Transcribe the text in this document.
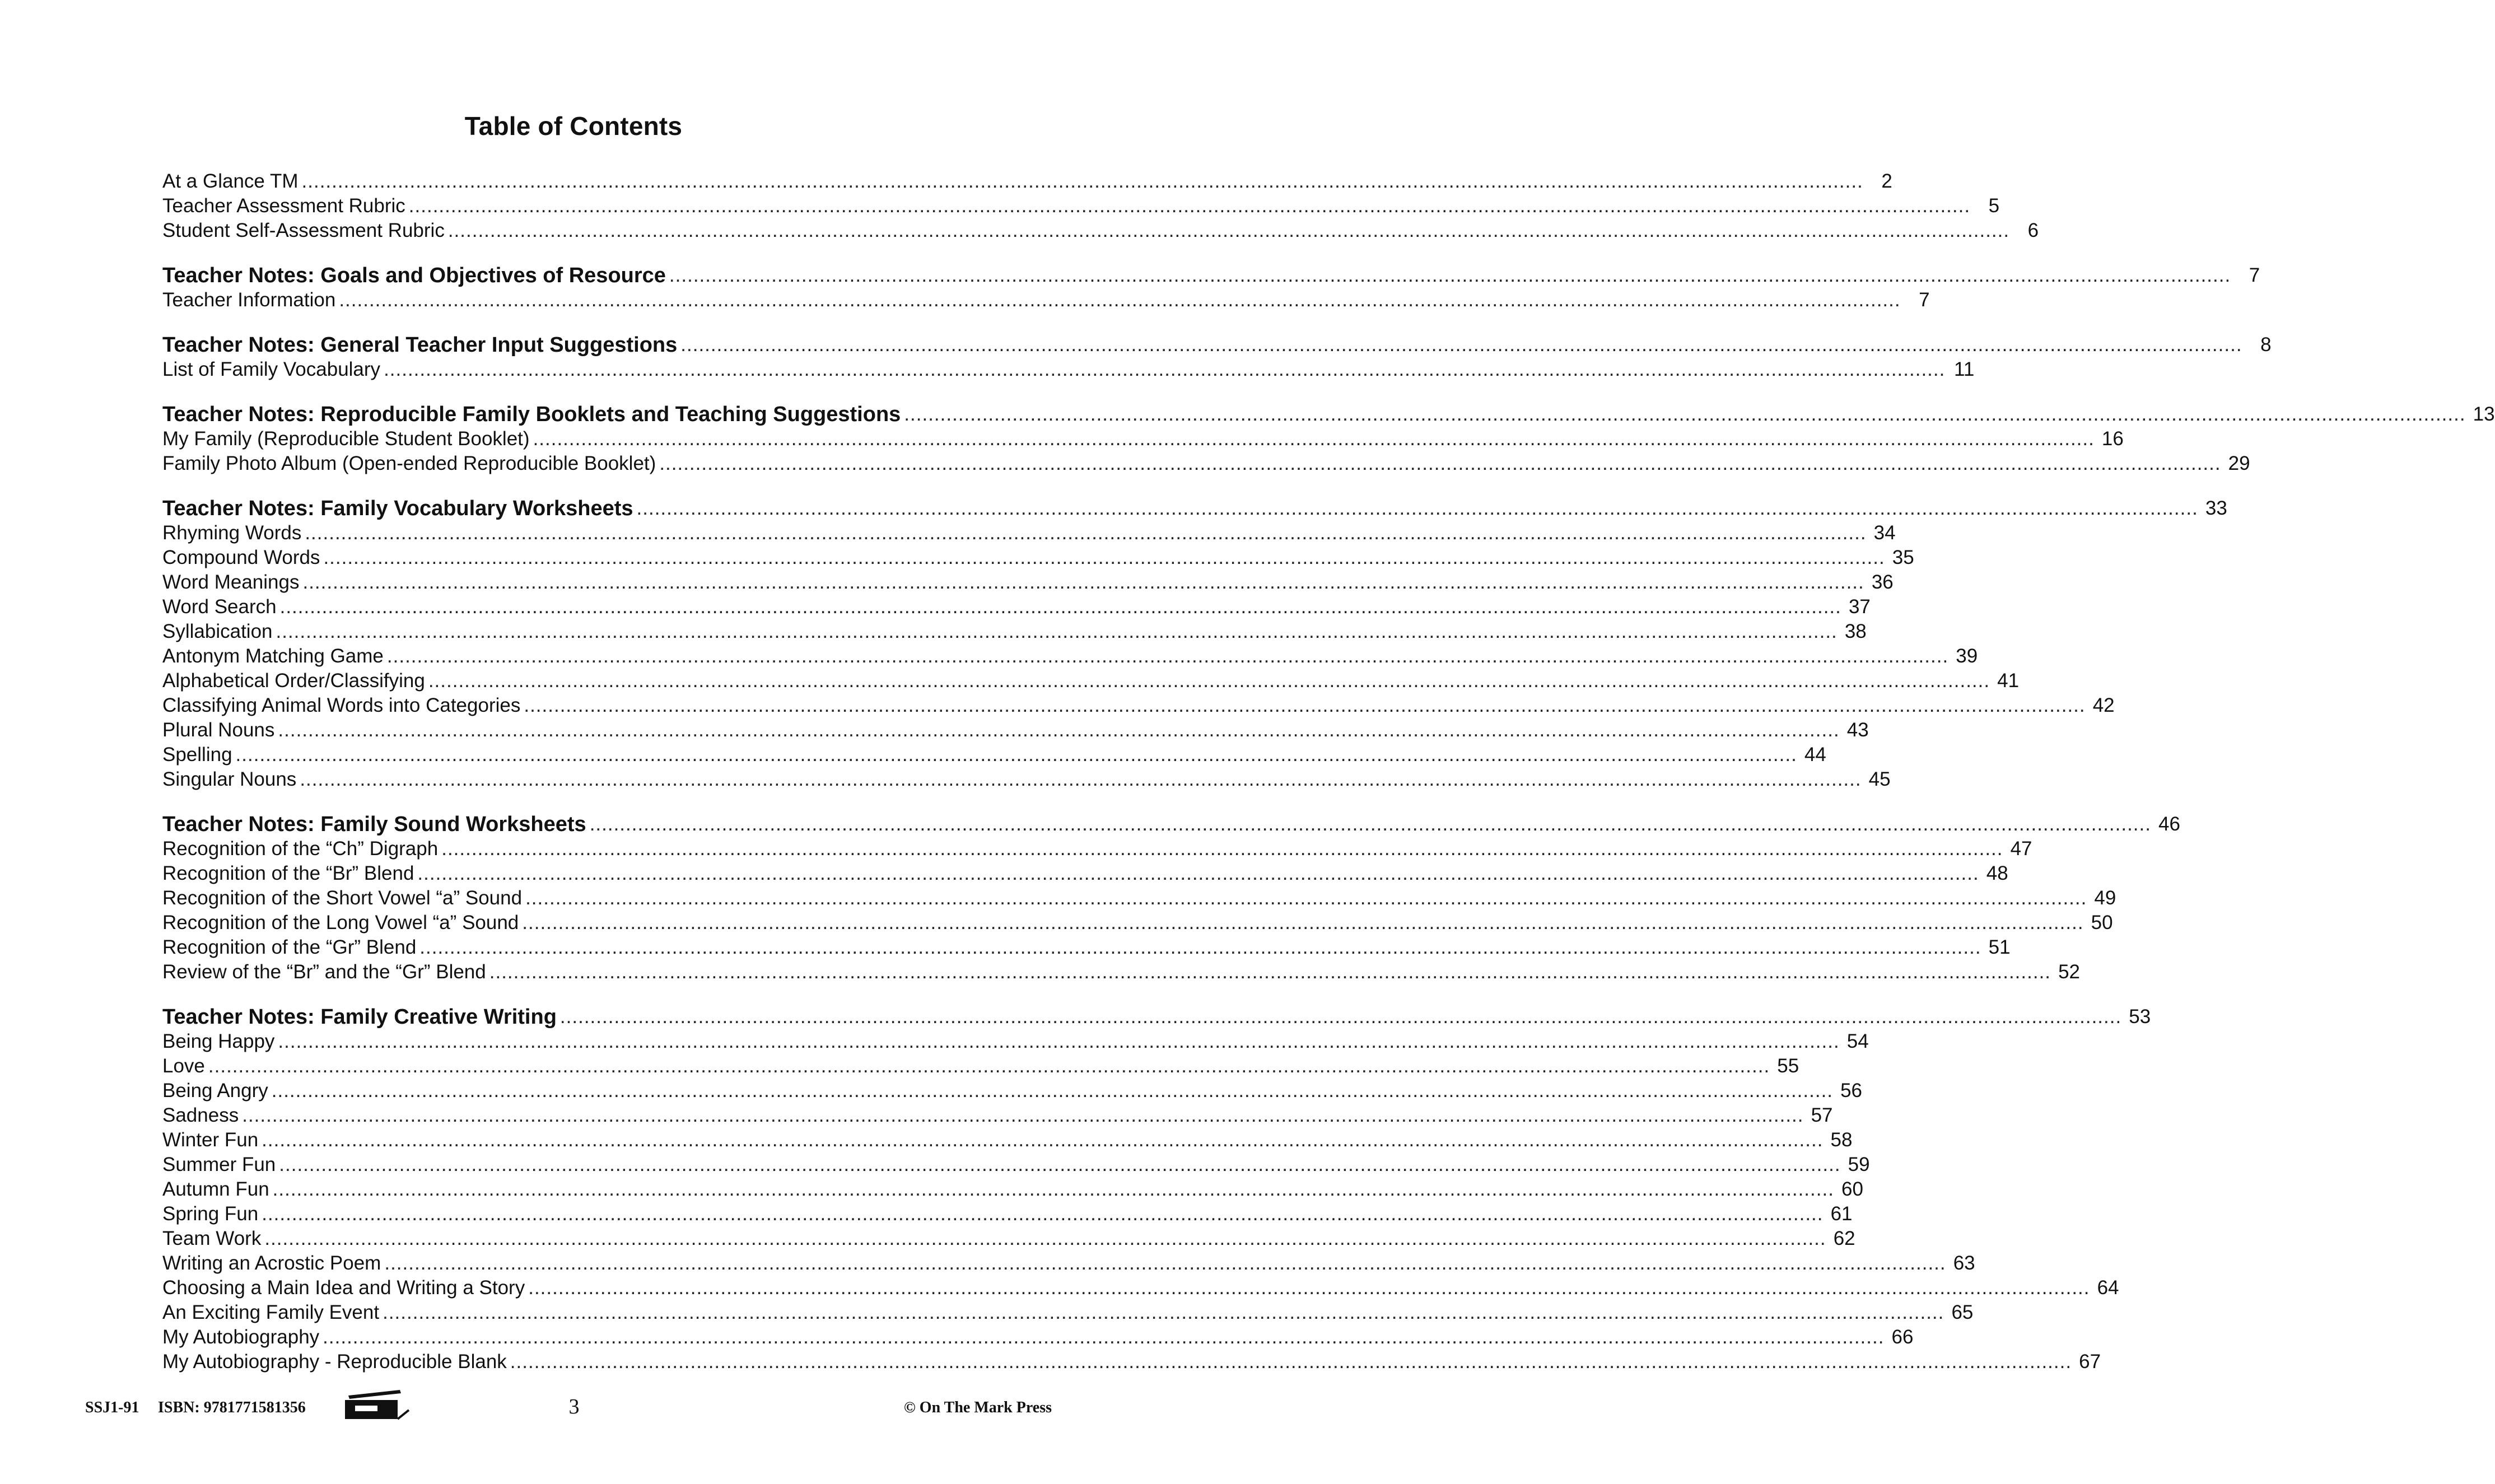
Table of Contents
At a Glance TM .................................................................................................................................................................................................................................................................... 2
Teacher Assessment Rubric .................................................................................................................................................................................................................................................................... 5
Student Self-Assessment Rubric .................................................................................................................................................................................................................................................................... 6
Teacher Notes: Goals and Objectives of Resource .................................................................................................................................................................................................................................................................... 7
Teacher Information .................................................................................................................................................................................................................................................................... 7
Teacher Notes: General Teacher Input Suggestions .................................................................................................................................................................................................................................................................... 8
List of Family Vocabulary .................................................................................................................................................................................................................................................................... 11
Teacher Notes: Reproducible Family Booklets and Teaching Suggestions .................................................................................................................................................................................................................................................................... 13
My Family (Reproducible Student Booklet) .................................................................................................................................................................................................................................................................... 16
Family Photo Album (Open-ended Reproducible Booklet) .................................................................................................................................................................................................................................................................... 29
Teacher Notes: Family Vocabulary Worksheets .................................................................................................................................................................................................................................................................... 33
Rhyming Words .................................................................................................................................................................................................................................................................... 34
Compound Words .................................................................................................................................................................................................................................................................... 35
Word Meanings .................................................................................................................................................................................................................................................................... 36
Word Search .................................................................................................................................................................................................................................................................... 37
Syllabication .................................................................................................................................................................................................................................................................... 38
Antonym Matching Game .................................................................................................................................................................................................................................................................... 39
Alphabetical Order/Classifying .................................................................................................................................................................................................................................................................... 41
Classifying Animal Words into Categories .................................................................................................................................................................................................................................................................... 42
Plural Nouns .................................................................................................................................................................................................................................................................... 43
Spelling .................................................................................................................................................................................................................................................................... 44
Singular Nouns .................................................................................................................................................................................................................................................................... 45
Teacher Notes: Family Sound Worksheets .................................................................................................................................................................................................................................................................... 46
Recognition of the “Ch” Digraph .................................................................................................................................................................................................................................................................... 47
Recognition of the “Br” Blend .................................................................................................................................................................................................................................................................... 48
Recognition of the Short Vowel “a” Sound .................................................................................................................................................................................................................................................................... 49
Recognition of the Long Vowel “a” Sound .................................................................................................................................................................................................................................................................... 50
Recognition of the “Gr” Blend .................................................................................................................................................................................................................................................................... 51
Review of the “Br” and the “Gr” Blend .................................................................................................................................................................................................................................................................... 52
Teacher Notes: Family Creative Writing .................................................................................................................................................................................................................................................................... 53
Being Happy .................................................................................................................................................................................................................................................................... 54
Love .................................................................................................................................................................................................................................................................... 55
Being Angry .................................................................................................................................................................................................................................................................... 56
Sadness .................................................................................................................................................................................................................................................................... 57
Winter Fun .................................................................................................................................................................................................................................................................... 58
Summer Fun .................................................................................................................................................................................................................................................................... 59
Autumn Fun .................................................................................................................................................................................................................................................................... 60
Spring Fun .................................................................................................................................................................................................................................................................... 61
Team Work .................................................................................................................................................................................................................................................................... 62
Writing an Acrostic Poem .................................................................................................................................................................................................................................................................... 63
Choosing a Main Idea and Writing a Story .................................................................................................................................................................................................................................................................... 64
An Exciting Family Event .................................................................................................................................................................................................................................................................... 65
My Autobiography .................................................................................................................................................................................................................................................................... 66
My Autobiography - Reproducible Blank .................................................................................................................................................................................................................................................................... 67
SSJ1-91 ISBN: 9781771581356	3	© On The Mark Press
